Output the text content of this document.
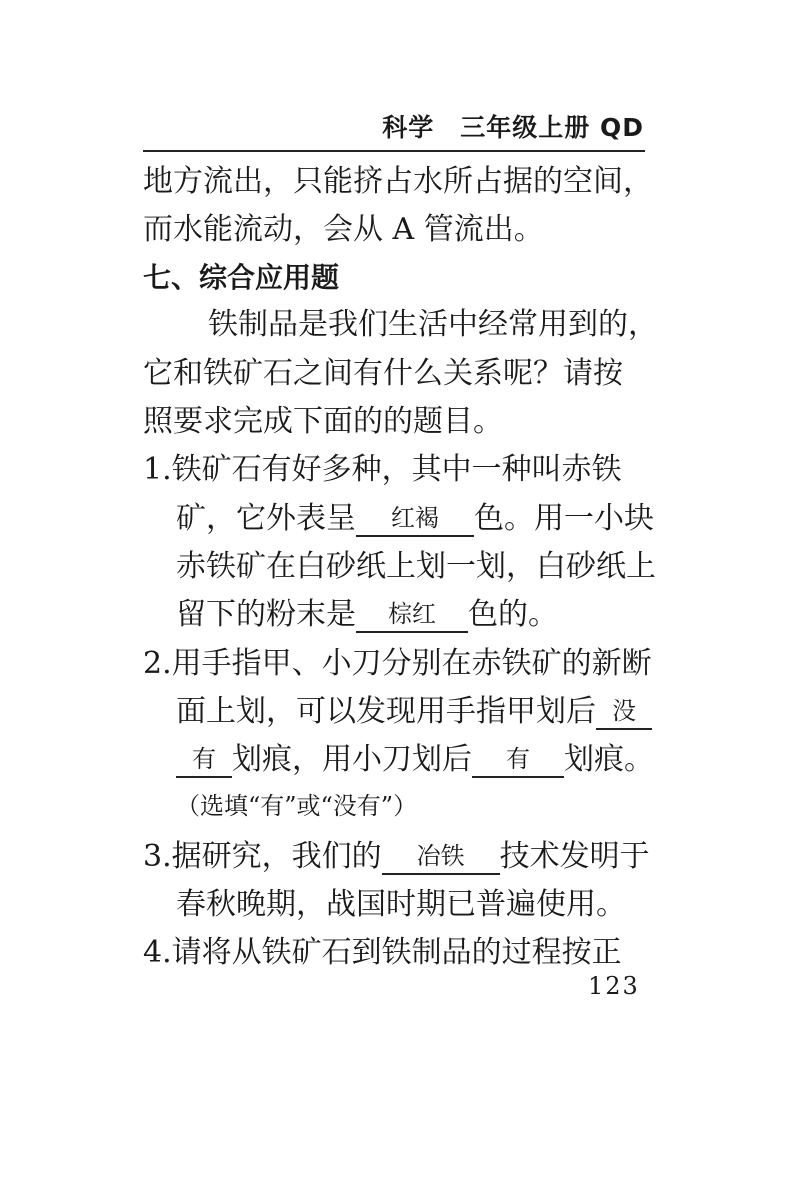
科学 三年级上册 QD
地方流出，只能挤占水所占据的空间，
而水能流动，会从 A 管流出。
七、综合应用题
铁制品是我们生活中经常用到的，
它和铁矿石之间有什么关系呢？请按
照要求完成下面的的题目。
1.铁矿石有好多种，其中一种叫赤铁
矿，它外表呈 红褐 色。用一小块
赤铁矿在白砂纸上划一划，白砂纸上
留下的粉末是 棕红 色的。
2.用手指甲、小刀分别在赤铁矿的新断
面上划，可以发现用手指甲划后 没
有 划痕，用小刀划后 有 划痕。
（选填“有”或“没有”）
3.据研究，我们的 冶铁 技术发明于
春秋晚期，战国时期已普遍使用。
4.请将从铁矿石到铁制品的过程按正
123
